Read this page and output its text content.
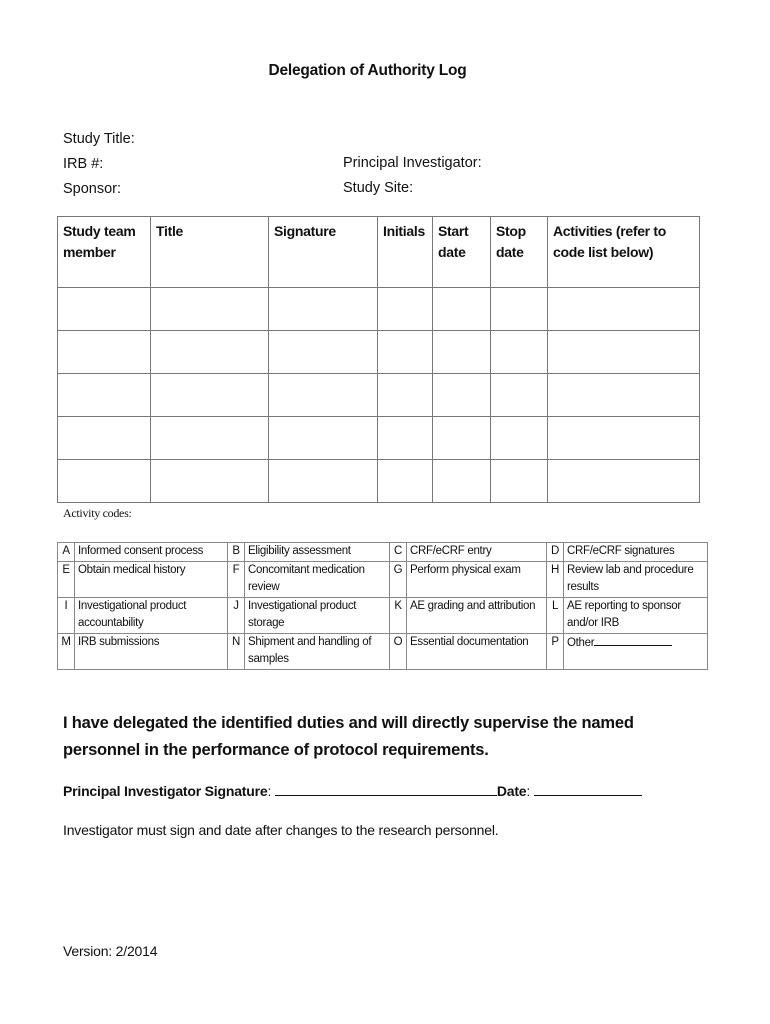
Delegation of Authority Log
Study Title:
IRB #:
Sponsor:
Principal Investigator:
Study Site:
Study team member	Title	Signature	Initials	Start date	Stop date	Activities (refer to code list below)

Activity codes:
A	Informed consent process	B	Eligibility assessment	C	CRF/eCRF entry	D	CRF/eCRF signatures
E	Obtain medical history	F	Concomitant medication review	G	Perform physical exam	H	Review lab and procedure results
I	Investigational product accountability	J	Investigational product storage	K	AE grading and attribution	L	AE reporting to sponsor and/or IRB
M	IRB submissions	N	Shipment and handling of samples	O	Essential documentation	P	Other
I have delegated the identified duties and will directly supervise the named personnel in the performance of protocol requirements.
Principal Investigator Signature:	Date:
Investigator must sign and date after changes to the research personnel.
Version: 2/2014
